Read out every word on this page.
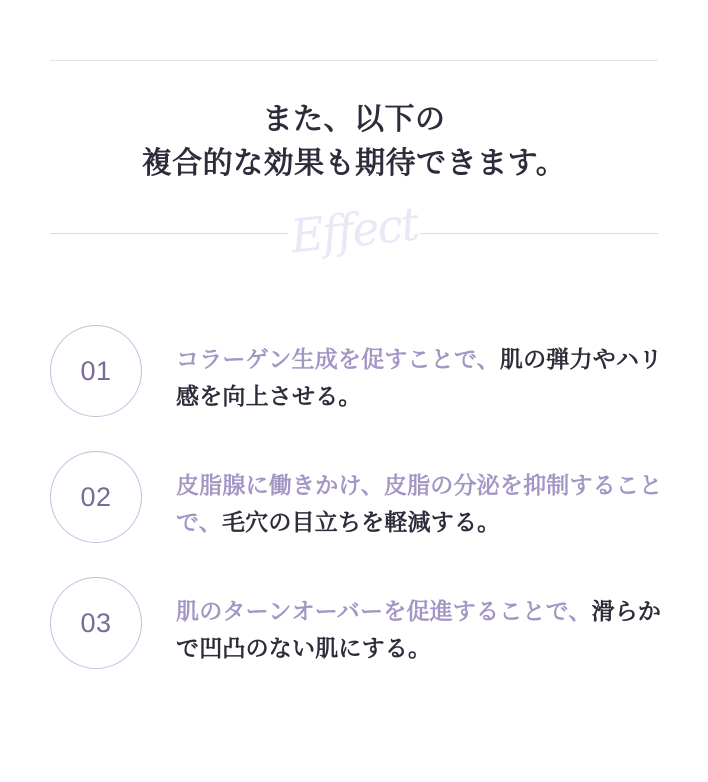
また、以下の
複合的な効果も期待できます。
Effect
01	コラーゲン生成を促すことで、肌の弾力やハリ感を向上させる。
02	皮脂腺に働きかけ、皮脂の分泌を抑制することで、毛穴の目立ちを軽減する。
03	肌のターンオーバーを促進することで、滑らかで凹凸のない肌にする。
